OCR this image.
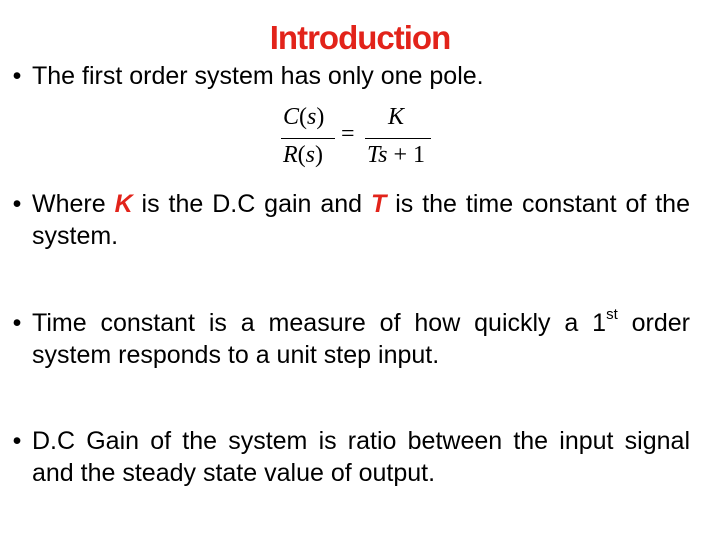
Introduction
• The first order system has only one pole.
C(s)
R(s)
=
K
Ts + 1
• Where K is the D.C gain and T is the time constant of the system.
• Time constant is a measure of how quickly a 1st order system responds to a unit step input.
• D.C Gain of the system is ratio between the input signal and the steady state value of output.
